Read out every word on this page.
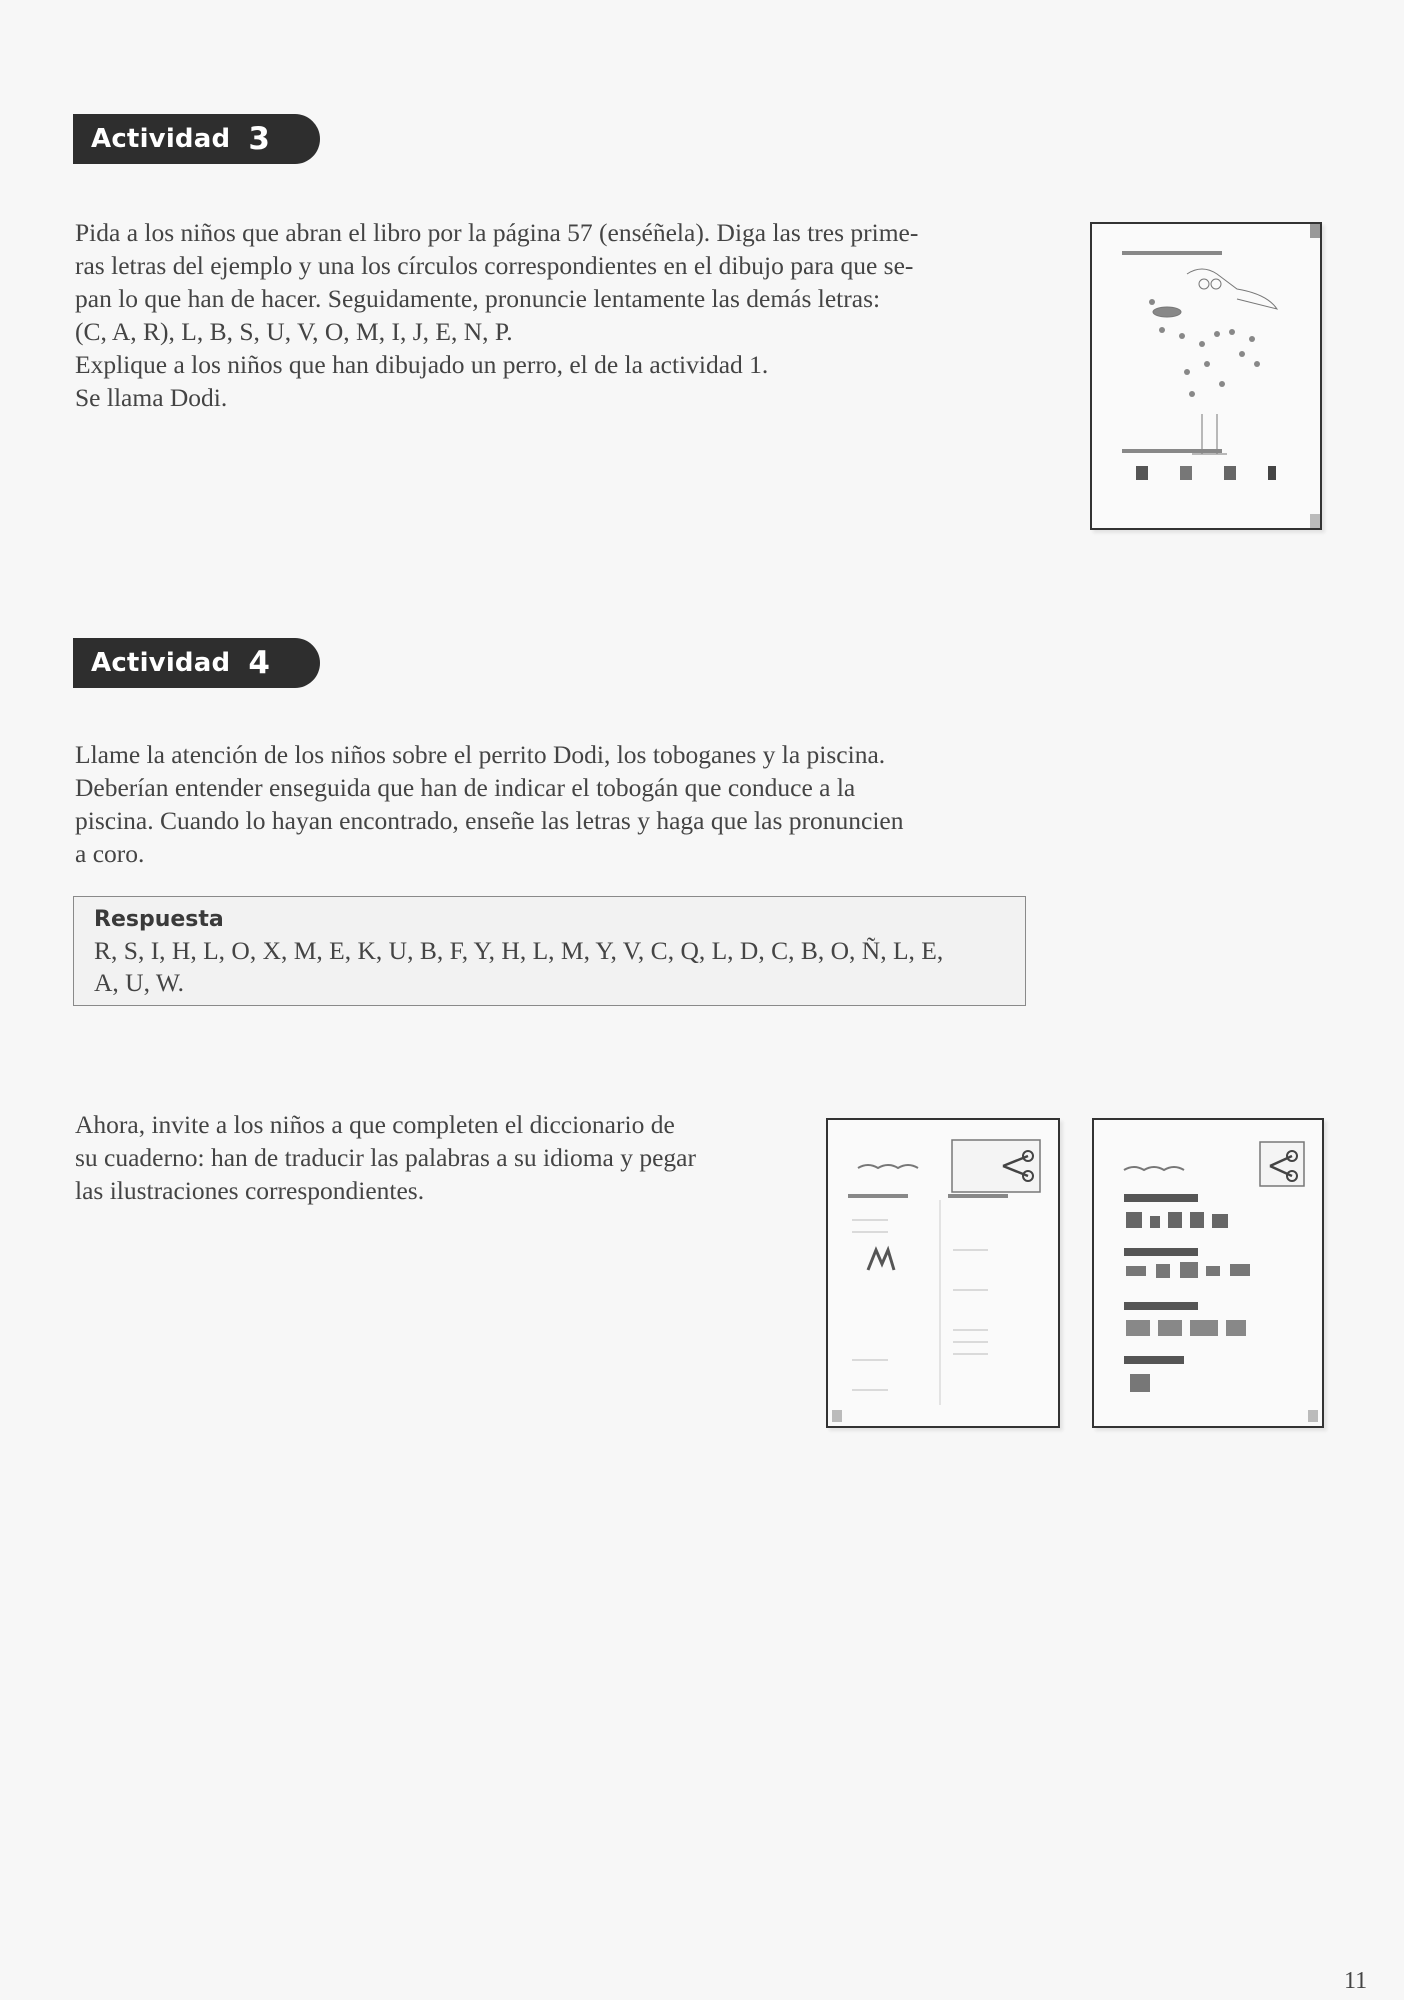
Actividad 3

Pida a los niños que abran el libro por la página 57 (enséñela). Diga las tres prime-
ras letras del ejemplo y una los círculos correspondientes en el dibujo para que se-
pan lo que han de hacer. Seguidamente, pronuncie lentamente las demás letras:
(C, A, R), L, B, S, U, V, O, M, I, J, E, N, P.
Explique a los niños que han dibujado un perro, el de la actividad 1.
Se llama Dodi.

Actividad 4

Llame la atención de los niños sobre el perrito Dodi, los toboganes y la piscina.
Deberían entender enseguida que han de indicar el tobogán que conduce a la
piscina. Cuando lo hayan encontrado, enseñe las letras y haga que las pronuncien
a coro.

Respuesta
R, S, I, H, L, O, X, M, E, K, U, B, F, Y, H, L, M, Y, V, C, Q, L, D, C, B, O, Ñ, L, E,
A, U, W.

Ahora, invite a los niños a que completen el diccionario de
su cuaderno: han de traducir las palabras a su idioma y pegar
las ilustraciones correspondientes.

11
